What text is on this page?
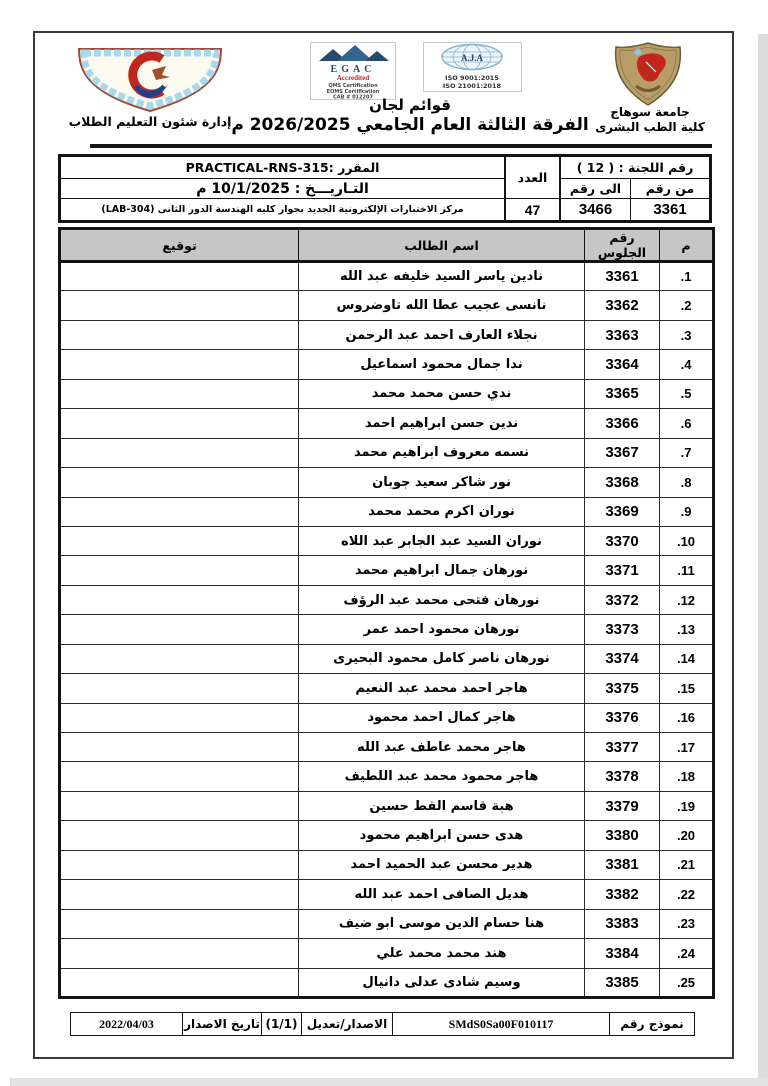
جامعة سوهاج
كلية الطب البشرى
إدارة شئون التعليم الطلاب
EGAC
Accredited
QMS Certification
EOMS Certification
CAB # 012207
A.J.A
ISO 9001:2015
ISO 21001:2018
قوائم لجان
الفرقة الثالثة العام الجامعي 2026/2025 م
المقرر :PRACTICAL-RNS-315
التـاريـــخ : 10/1/2025 م
مركز الاختبارات الإلكترونية الجديد بجوار كليه الهندسة الدور الثانى (LAB-304)
العدد
47
رقم اللجنة : ( 12 )
الى رقم	من رقم
3466	3361
م	رقم الجلوس	اسم الطالب	توقيع
1.	3361	نادين ياسر السيد خليفه عبد الله	
2.	3362	نانسى عجيب عطا الله تاوضروس	
3.	3363	نجلاء العارف احمد عبد الرحمن	
4.	3364	ندا جمال محمود اسماعيل	
5.	3365	ندي حسن محمد محمد	
6.	3366	ندين حسن ابراهيم احمد	
7.	3367	نسمه معروف ابراهيم محمد	
8.	3368	نور شاكر سعيد جوبان	
9.	3369	نوران اكرم محمد محمد	
10.	3370	نوران السيد عبد الجابر عبد اللاه	
11.	3371	نورهان جمال ابراهيم محمد	
12.	3372	نورهان فتحى محمد عبد الرؤف	
13.	3373	نورهان محمود احمد عمر	
14.	3374	نورهان ناصر كامل محمود البحيرى	
15.	3375	هاجر احمد محمد عبد النعيم	
16.	3376	هاجر كمال احمد محمود	
17.	3377	هاجر محمد عاطف عبد الله	
18.	3378	هاجر محمود محمد عبد اللطيف	
19.	3379	هبة قاسم القط حسين	
20.	3380	هدى حسن ابراهيم محمود	
21.	3381	هدير محسن عبد الحميد احمد	
22.	3382	هديل الصافى احمد عبد الله	
23.	3383	هنا حسام الدين موسى ابو ضيف	
24.	3384	هند محمد محمد علي	
25.	3385	وسيم شادى عدلى دانيال	
2022/04/03	تاريخ الاصدار (1/1) الاصدار/تعديل	SMdS0Sa00F010117	نموذج رقم
